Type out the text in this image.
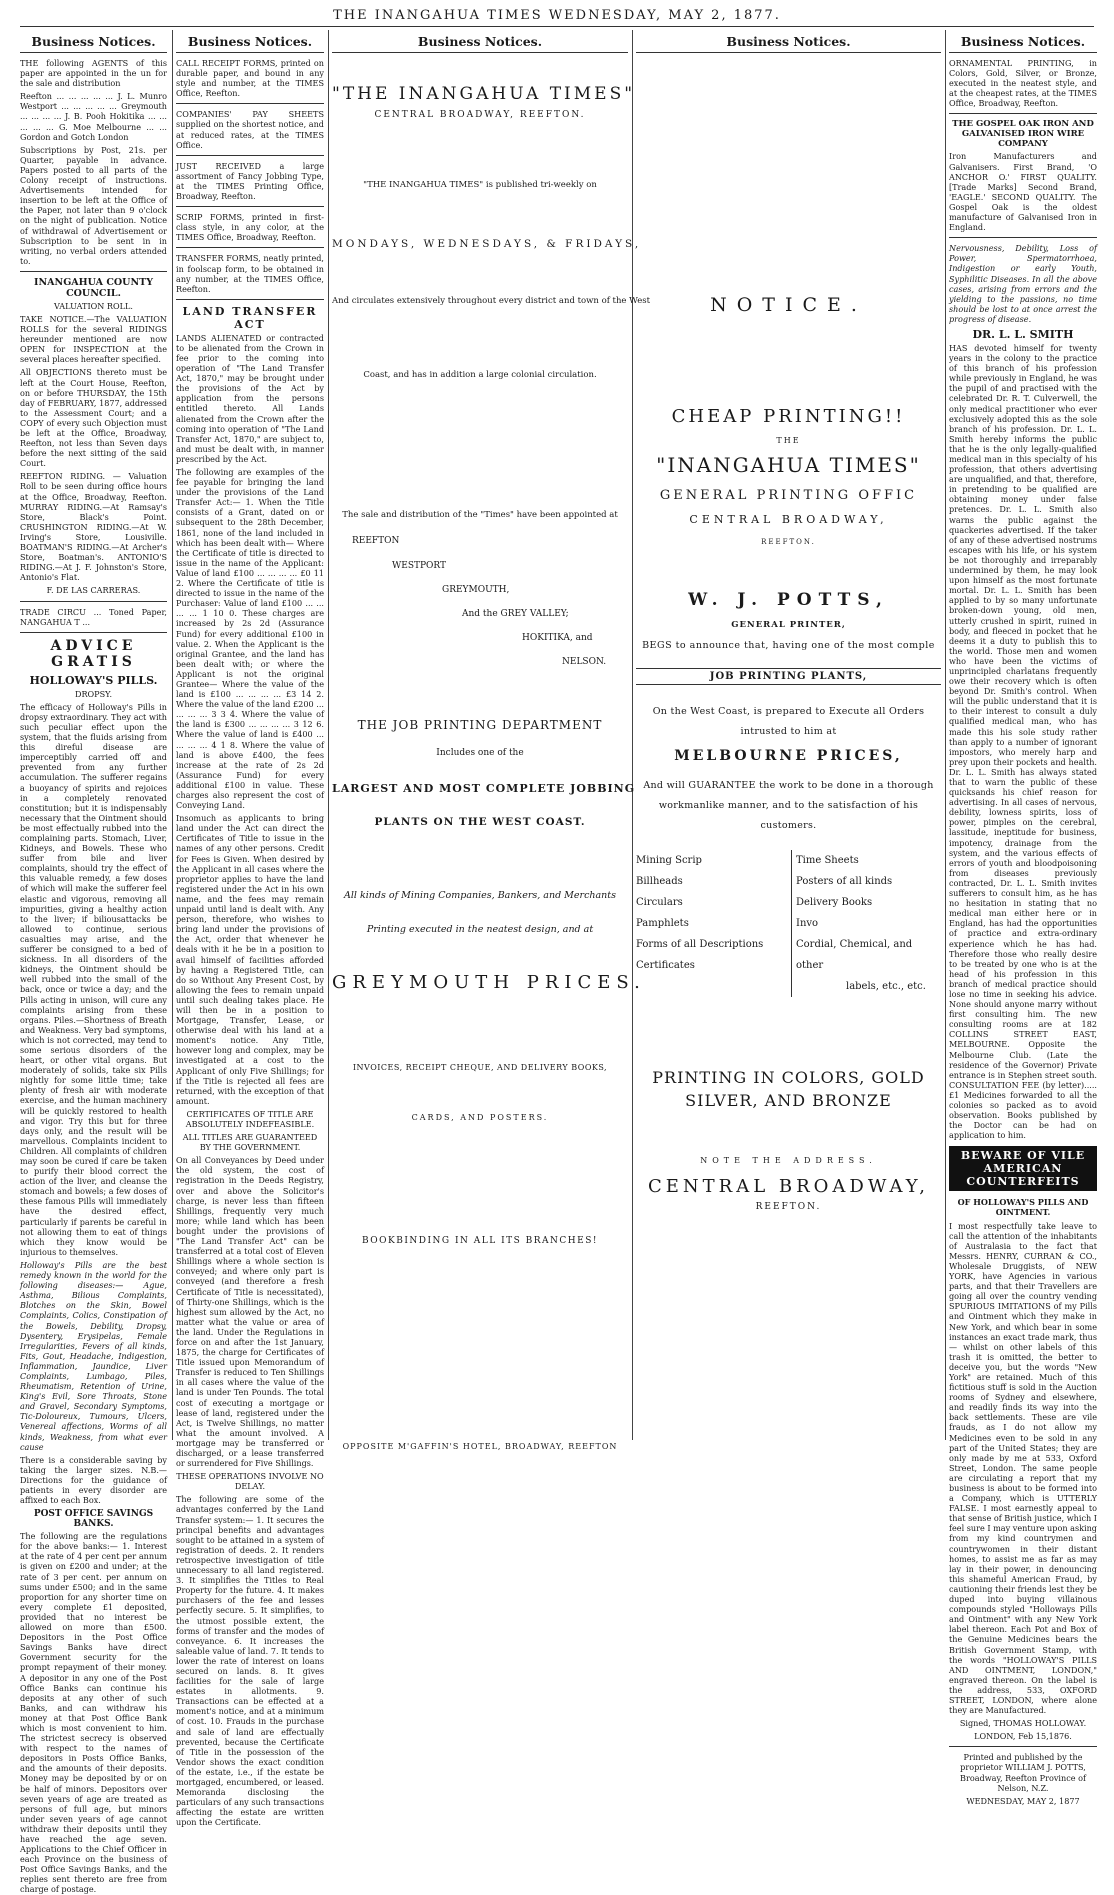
THE INANGAHUA TIMES WEDNESDAY, MAY 2, 1877.
Business Notices.

THE following AGENTS of this paper are appointed in the un for the sale and distribution

Reefton ... ... ... ... ... J. L. Munro Westport ... ... ... ... ... Greymouth ... ... ... ... J. B. Pooh Hokitika ... ... ... ... ... G. Moe Melbourne ... ... Gordon and Gotch London

Subscriptions by Post, 21s. per Quarter, payable in advance. Papers posted to all parts of the Colony receipt of instructions. Advertisements intended for insertion to be left at the Office of the Paper, not later than 9 o'clock on the night of publication. Notice of withdrawal of Advertisement or Subscription to be sent in in writing, no verbal orders attended to.

INANGAHUA COUNTY COUNCIL.
VALUATION ROLL.

TAKE NOTICE.—The VALUATION ROLLS for the several RIDINGS hereunder mentioned are now OPEN for INSPECTION at the several places hereafter specified.

All OBJECTIONS thereto must be left at the Court House, Reefton, on or before THURSDAY, the 15th day of FEBRUARY, 1877, addressed to the Assessment Court; and a COPY of every such Objection must be left at the Office, Broadway, Reefton, not less than Seven days before the next sitting of the said Court.

REEFTON RIDING. — Valuation Roll to be seen during office hours at the Office, Broadway, Reefton. MURRAY RIDING.—At Ramsay's Store, Black's Point. CRUSHINGTON RIDING.—At W. Irving's Store, Lousiville. BOATMAN'S RIDING.—At Archer's Store, Boatman's. ANTONIO'S RIDING.—At J. F. Johnston's Store, Antonio's Flat.

F. DE LAS CARRERAS.

TRADE CIRCU ... Toned Paper, NANGAHUA T ...

ADVICE GRATIS
HOLLOWAY'S PILLS.
DROPSY.

The efficacy of Holloway's Pills in dropsy extraordinary. They act with such peculiar effect upon the system, that the fluids arising from this direful disease are imperceptibly carried off and prevented from any further accumulation. The sufferer regains a buoyancy of spirits and rejoices in a completely renovated constitution; but it is indispensably necessary that the Ointment should be most effectually rubbed into the complaining parts. Stomach, Liver, Kidneys, and Bowels. These who suffer from bile and liver complaints, should try the effect of this valuable remedy, a few doses of which will make the sufferer feel elastic and vigorous, removing all impurities, giving a healthy action to the liver; if biliousattacks be allowed to continue, serious casualties may arise, and the sufferer be consigned to a bed of sickness. In all disorders of the kidneys, the Ointment should be well rubbed into the small of the back, once or twice a day; and the Pills acting in unison, will cure any complaints arising from these organs. Piles.—Shortness of Breath and Weakness. Very bad symptoms, which is not corrected, may tend to some serious disorders of the heart, or other vital organs. But moderately of solids, take six Pills nightly for some little time; take plenty of fresh air with moderate exercise, and the human machinery will be quickly restored to health and vigor. Try this but for three days only, and the result will be marvellous. Complaints incident to Children. All complaints of children may soon be cured if care be taken to purify their blood correct the action of the liver, and cleanse the stomach and bowels; a few doses of these famous Pills will immediately have the desired effect, particularly if parents be careful in not allowing them to eat of things which they know would be injurious to themselves.

Holloway's Pills are the best remedy known in the world for the following diseases:— Ague, Asthma, Bilious Complaints, Blotches on the Skin, Bowel Complaints, Colics, Constipation of the Bowels, Debility, Dropsy, Dysentery, Erysipelas, Female Irregularities, Fevers of all kinds, Fits, Gout, Headache, Indigestion, Inflammation, Jaundice, Liver Complaints, Lumbago, Piles, Rheumatism, Retention of Urine, King's Evil, Sore Throats, Stone and Gravel, Secondary Symptoms, Tic-Doloureux, Tumours, Ulcers, Venereal affections, Worms of all kinds, Weakness, from what ever cause

There is a considerable saving by taking the larger sizes. N.B.—Directions for the guidance of patients in every disorder are affixed to each Box.

POST OFFICE SAVINGS BANKS.

The following are the regulations for the above banks:— 1. Interest at the rate of 4 per cent per annum is given on £200 and under; at the rate of 3 per cent. per annum on sums under £500; and in the same proportion for any shorter time on every complete £1 deposited, provided that no interest be allowed on more than £500. Depositors in the Post Office Savings Banks have direct Government security for the prompt repayment of their money. A depositor in any one of the Post Office Banks can continue his deposits at any other of such Banks, and can withdraw his money at that Post Office Bank which is most convenient to him. The strictest secrecy is observed with respect to the names of depositors in Posts Office Banks, and the amounts of their deposits. Money may be deposited by or on be half of minors. Depositors over seven years of age are treated as persons of full age, but minors under seven years of age cannot withdraw their deposits until they have reached the age seven. Applications to the Chief Officer in each Province on the business of Post Office Savings Banks, and the replies sent thereto are free from charge of postage.

Business Notices.

CALL RECEIPT FORMS, printed on durable paper, and bound in any style and number, at the TIMES Office, Reefton.

COMPANIES' PAY SHEETS supplied on the shortest notice, and at reduced rates, at the TIMES Office.

JUST RECEIVED a large assortment of Fancy Jobbing Type, at the TIMES Printing Office, Broadway, Reefton.

SCRIP FORMS, printed in first-class style, in any color, at the TIMES Office, Broadway, Reefton.

TRANSFER FORMS, neatly printed, in foolscap form, to be obtained in any number, at the TIMES Office, Reefton.

LAND TRANSFER ACT

LANDS ALIENATED or contracted to be alienated from the Crown in fee prior to the coming into operation of "The Land Transfer Act, 1870," may be brought under the provisions of the Act by application from the persons entitled thereto. All Lands alienated from the Crown after the coming into operation of "The Land Transfer Act, 1870," are subject to, and must be dealt with, in manner prescribed by the Act.

The following are examples of the fee payable for bringing the land under the provisions of the Land Transfer Act:— 1. When the Title consists of a Grant, dated on or subsequent to the 28th December, 1861, none of the land included in which has been dealt with— Where the Certificate of title is directed to issue in the name of the Applicant: Value of land £100 ... ... ... ... £0 11 2. Where the Certificate of title is directed to issue in the name of the Purchaser: Value of land £100 ... ... ... ... 1 10 0. These charges are increased by 2s 2d (Assurance Fund) for every additional £100 in value. 2. When the Applicant is the original Grantee, and the land has been dealt with; or where the Applicant is not the original Grantee— Where the value of the land is £100 ... ... ... ... £3 14 2. Where the value of the land £200 ... ... ... ... 3 3 4. Where the value of the land is £300 ... ... ... ... 3 12 6. Where the value of land is £400 ... ... ... ... 4 1 8. Where the value of land is above £400, the fees increase at the rate of 2s 2d (Assurance Fund) for every additional £100 in value. These charges also represent the cost of Conveying Land.

Insomuch as applicants to bring land under the Act can direct the Certificates of Title to issue in the names of any other persons. Credit for Fees is Given. When desired by the Applicant in all cases where the proprietor applies to have the land registered under the Act in his own name, and the fees may remain unpaid until land is dealt with. Any person, therefore, who wishes to bring land under the provisions of the Act, order that whenever he deals with it he be in a position to avail himself of facilities afforded by having a Registered Title, can do so Without Any Present Cost, by allowing the fees to remain unpaid until such dealing takes place. He will then be in a position to Mortgage, Transfer, Lease, or otherwise deal with his land at a moment's notice. Any Title, however long and complex, may be investigated at a cost to the Applicant of only Five Shillings; for if the Title is rejected all fees are returned, with the exception of that amount.

CERTIFICATES OF TITLE ARE ABSOLUTELY INDEFEASIBLE.
ALL TITLES ARE GUARANTEED BY THE GOVERNMENT.

On all Conveyances by Deed under the old system, the cost of registration in the Deeds Registry, over and above the Solicitor's charge, is never less than fifteen Shillings, frequently very much more; while land which has been bought under the provisions of "The Land Transfer Act" can be transferred at a total cost of Eleven Shillings where a whole section is conveyed; and where only part is conveyed (and therefore a fresh Certificate of Title is necessitated), of Thirty-one Shillings, which is the highest sum allowed by the Act, no matter what the value or area of the land. Under the Regulations in force on and after the 1st January, 1875, the charge for Certificates of Title issued upon Memorandum of Transfer is reduced to Ten Shillings in all cases where the value of the land is under Ten Pounds. The total cost of executing a mortgage or lease of land, registered under the Act, is Twelve Shillings, no matter what the amount involved. A mortgage may be transferred or discharged, or a lease transferred or surrendered for Five Shillings.

THESE OPERATIONS INVOLVE NO DELAY.

The following are some of the advantages conferred by the Land Transfer system:— 1. It secures the principal benefits and advantages sought to be attained in a system of registration of deeds. 2. It renders retrospective investigation of title unnecessary to all land registered. 3. It simplifies the Titles to Real Property for the future. 4. It makes purchasers of the fee and lesses perfectly secure. 5. It simplifies, to the utmost possible extent, the forms of transfer and the modes of conveyance. 6. It increases the saleable value of land. 7. It tends to lower the rate of interest on loans secured on lands. 8. It gives facilities for the sale of large estates in allotments. 9. Transactions can be effected at a moment's notice, and at a minimum of cost. 10. Frauds in the purchase and sale of land are effectually prevented, because the Certificate of Title in the possession of the Vendor shows the exact condition of the estate, i.e., if the estate be mortgaged, encumbered, or leased. Memoranda disclosing the particulars of any such transactions affecting the estate are written upon the Certificate.

Business Notices.
"THE INANGAHUA TIMES"
CENTRAL BROADWAY, REEFTON.
"THE INANGAHUA TIMES" is published tri-weekly on
MONDAYS, WEDNESDAYS, & FRIDAYS,
And circulates extensively throughout every district and town of the West
Coast, and has in addition a large colonial circulation.
The sale and distribution of the "Times" have been appointed at
REEFTON
WESTPORT
GREYMOUTH,
And the GREY VALLEY;
HOKITIKA, and
NELSON.
THE JOB PRINTING DEPARTMENT
Includes one of the
LARGEST AND MOST COMPLETE JOBBING
PLANTS ON THE WEST COAST.
All kinds of Mining Companies, Bankers, and Merchants
Printing executed in the neatest design, and at
GREYMOUTH PRICES.
INVOICES, RECEIPT CHEQUE, AND DELIVERY BOOKS,
CARDS, AND POSTERS.
BOOKBINDING IN ALL ITS BRANCHES!
OPPOSITE M'GAFFIN'S HOTEL, BROADWAY, REEFTON
Business Notices.
NOTICE.
CHEAP PRINTING!!
THE
"INANGAHUA TIMES"
GENERAL PRINTING OFFIC
CENTRAL BROADWAY,
REEFTON.
W. J. POTTS,
GENERAL PRINTER,
BEGS to announce that, having one of the most comple
JOB PRINTING PLANTS,
On the West Coast, is prepared to Execute all Orders
intrusted to him at
MELBOURNE PRICES,
And will GUARANTEE the work to be done in a thorough
workmanlike manner, and to the satisfaction of his
customers.
Mining Scrip
Billheads
Circulars
Pamphlets
Forms of all Descriptions
Certificates
Time Sheets
Posters of all kinds
Delivery Books
Invo
Cordial, Chemical, and other
labels, etc., etc.
PRINTING IN COLORS, GOLD
SILVER, AND BRONZE
NOTE THE ADDRESS.
CENTRAL BROADWAY,
REEFTON.
Business Notices.

ORNAMENTAL PRINTING, in Colors, Gold, Silver, or Bronze, executed in the neatest style, and at the cheapest rates, at the TIMES Office, Broadway, Reefton.

THE GOSPEL OAK IRON AND GALVANISED IRON WIRE COMPANY

Iron Manufacturers and Galvanisers. First Brand, 'O ANCHOR O.' FIRST QUALITY. [Trade Marks] Second Brand, 'EAGLE.' SECOND QUALITY. The Gospel Oak is the oldest manufacture of Galvanised Iron in England.

Nervousness, Debility, Loss of Power, Spermatorrhoea, Indigestion or early Youth, Syphilitic Diseases. In all the above cases, arising from errors and the yielding to the passions, no time should be lost to at once arrest the progress of disease.

DR. L. L. SMITH

HAS devoted himself for twenty years in the colony to the practice of this branch of his profession while previously in England, he was the pupil of and practised with the celebrated Dr. R. T. Culverwell, the only medical practitioner who ever exclusively adopted this as the sole branch of his profession. Dr. L. L. Smith hereby informs the public that he is the only legally-qualified medical man in this specialty of his profession, that others advertising are unqualified, and that, therefore, in pretending to be qualified are obtaining money under false pretences. Dr. L. L. Smith also warns the public against the quackeries advertised. If the taker of any of these advertised nostrums escapes with his life, or his system be not thoroughly and irreparably undermined by them, he may look upon himself as the most fortunate mortal. Dr. L. L. Smith has been applied to by so many unfortunate broken-down young, old men, utterly crushed in spirit, ruined in body, and fleeced in pocket that he deems it a duty to publish this to the world. Those men and women who have been the victims of unprincipled charlatans frequently owe their recovery which is often beyond Dr. Smith's control. When will the public understand that it is to their interest to consult a duly qualified medical man, who has made this his sole study rather than apply to a number of ignorant impostors, who merely harp and prey upon their pockets and health. Dr. L. L. Smith has always stated that to warn the public of these quicksands his chief reason for advertising. In all cases of nervous, debility, lowness spirits, loss of power, pimples on the cerebral, lassitude, ineptitude for business, impotency, drainage from the system, and the various effects of errors of youth and bloodpoisoning from diseases previously contracted, Dr. L. L. Smith invites sufferers to consult him, as he has no hesitation in stating that no medical man either here or in England, has had the opportunities of practice and extra-ordinary experience which he has had. Therefore those who really desire to be treated by one who is at the head of his profession in this branch of medical practice should lose no time in seeking his advice. None should anyone marry without first consulting him. The new consulting rooms are at 182 COLLINS STREET EAST, MELBOURNE. Opposite the Melbourne Club. (Late the residence of the Governor) Private entrance is in Stephen street south. CONSULTATION FEE (by letter).....£1 Medicines forwarded to all the colonies so packed as to avoid observation. Books published by the Doctor can be had on application to him.

BEWARE OF VILE
AMERICAN COUNTERFEITS
OF HOLLOWAY'S PILLS AND OINTMENT.

I most respectfully take leave to call the attention of the inhabitants of Australasia to the fact that Messrs. HENRY, CURRAN & CO., Wholesale Druggists, of NEW YORK, have Agencies in various parts, and that their Travellers are going all over the country vending SPURIOUS IMITATIONS of my Pills and Ointment which they make in New York, and which bear in some instances an exact trade mark, thus — whilst on other labels of this trash it is omitted, the better to deceive you, but the words "New York" are retained. Much of this fictitious stuff is sold in the Auction rooms of Sydney and elsewhere, and readily finds its way into the back settlements. These are vile frauds, as I do not allow my Medicines even to be sold in any part of the United States; they are only made by me at 533, Oxford Street, London. The same people are circulating a report that my business is about to be formed into a Company, which is UTTERLY FALSE. I most earnestly appeal to that sense of British justice, which I feel sure I may venture upon asking from my kind countrymen and countrywomen in their distant homes, to assist me as far as may lay in their power, in denouncing this shameful American Fraud, by cautioning their friends lest they be duped into buying villainous compounds styled "Holloways Pills and Ointment" with any New York label thereon. Each Pot and Box of the Genuine Medicines bears the British Government Stamp, with the words "HOLLOWAY'S PILLS AND OINTMENT, LONDON," engraved thereon. On the label is the address, 533, OXFORD STREET, LONDON, where alone they are Manufactured.

Signed, THOMAS HOLLOWAY.
LONDON, Feb 15,1876.

Printed and published by the proprietor WILLIAM J. POTTS, Broadway, Reefton Province of Nelson, N.Z.

WEDNESDAY, MAY 2, 1877
